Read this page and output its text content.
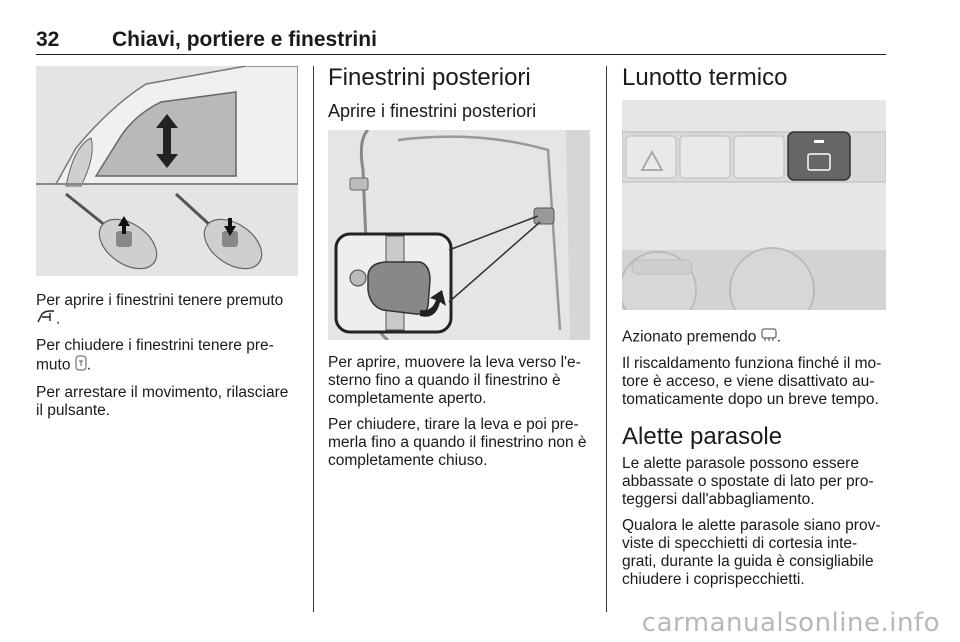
32	Chiavi, portiere e finestrini

Per aprire i finestrini tenere premuto
.

Per chiudere i finestrini tenere pre-
muto .

Per arrestare il movimento, rilasciare
il pulsante.

Finestrini posteriori
Aprire i finestrini posteriori

Per aprire, muovere la leva verso l'e-
sterno fino a quando il finestrino è
completamente aperto.

Per chiudere, tirare la leva e poi pre-
merla fino a quando il finestrino non è
completamente chiuso.

Lunotto termico

Azionato premendo .

Il riscaldamento funziona finché il mo-
tore è acceso, e viene disattivato au-
tomaticamente dopo un breve tempo.

Alette parasole

Le alette parasole possono essere
abbassate o spostate di lato per pro-
teggersi dall'abbagliamento.

Qualora le alette parasole siano prov-
viste di specchietti di cortesia inte-
grati, durante la guida è consigliabile
chiudere i coprispecchietti.

carmanualsonline.info
